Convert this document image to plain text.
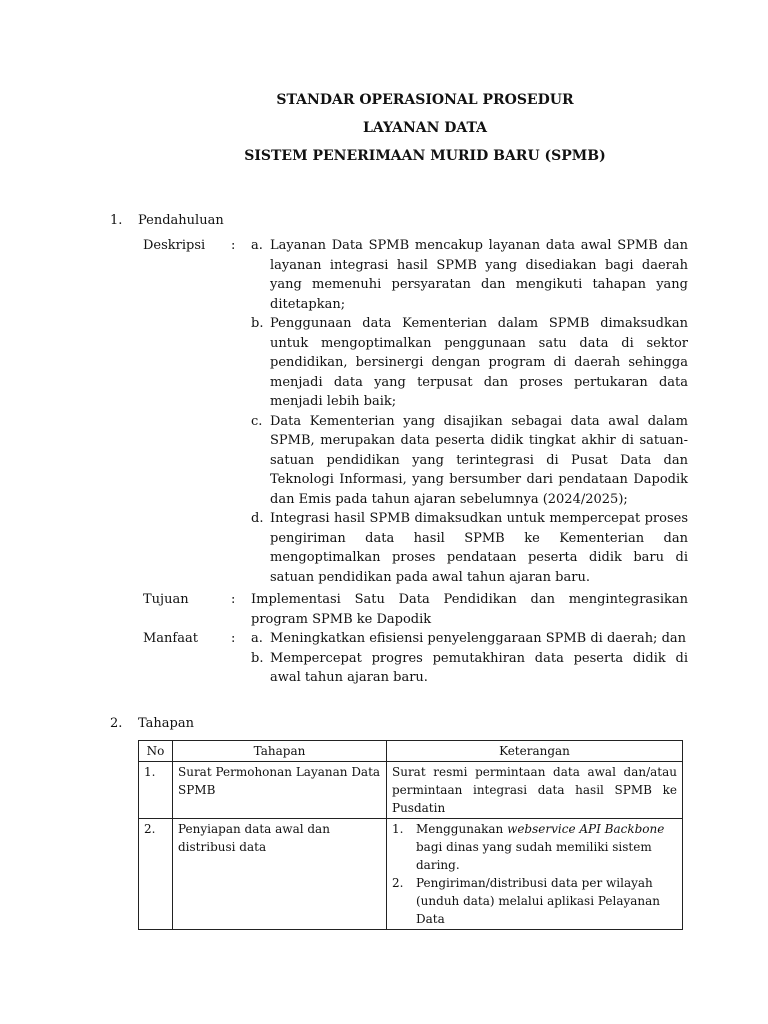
STANDAR OPERASIONAL PROSEDUR
LAYANAN DATA
SISTEM PENERIMAAN MURID BARU (SPMB)
1. Pendahuluan
Deskripsi	:	a. Layanan Data SPMB mencakup layanan data awal SPMB dan layanan integrasi hasil SPMB yang disediakan bagi daerah yang memenuhi persyaratan dan mengikuti tahapan yang ditetapkan;
b. Penggunaan data Kementerian dalam SPMB dimaksudkan untuk mengoptimalkan penggunaan satu data di sektor pendidikan, bersinergi dengan program di daerah sehingga menjadi data yang terpusat dan proses pertukaran data menjadi lebih baik;
c. Data Kementerian yang disajikan sebagai data awal dalam SPMB, merupakan data peserta didik tingkat akhir di satuan-satuan pendidikan yang terintegrasi di Pusat Data dan Teknologi Informasi, yang bersumber dari pendataan Dapodik dan Emis pada tahun ajaran sebelumnya (2024/2025);
d. Integrasi hasil SPMB dimaksudkan untuk mempercepat proses pengiriman data hasil SPMB ke Kementerian dan mengoptimalkan proses pendataan peserta didik baru di satuan pendidikan pada awal tahun ajaran baru.
Tujuan	:	Implementasi Satu Data Pendidikan dan mengintegrasikan program SPMB ke Dapodik
Manfaat	:	a. Meningkatkan efisiensi penyelenggaraan SPMB di daerah; dan
b. Mempercepat progres pemutakhiran data peserta didik di awal tahun ajaran baru.
2. Tahapan
No	Tahapan	Keterangan
1.	Surat Permohonan Layanan Data SPMB	Surat resmi permintaan data awal dan/atau permintaan integrasi data hasil SPMB ke Pusdatin
2.	Penyiapan data awal dan distribusi data	1. Menggunakan webservice API Backbone bagi dinas yang sudah memiliki sistem daring.
2. Pengiriman/distribusi data per wilayah (unduh data) melalui aplikasi Pelayanan Data
